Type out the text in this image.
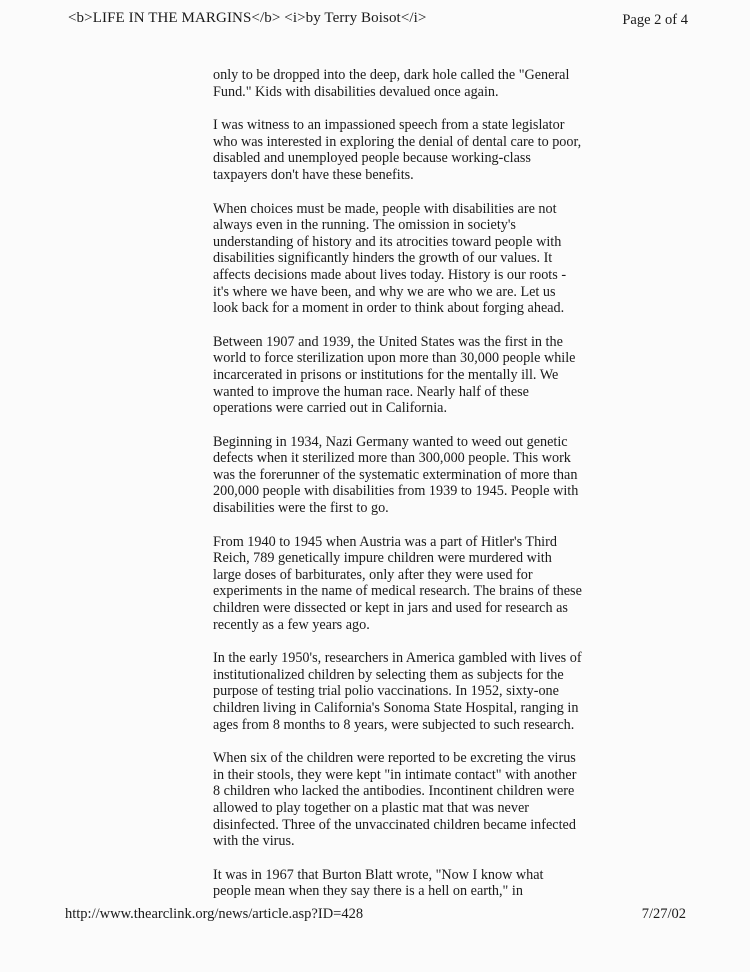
<b>LIFE IN THE MARGINS</b> <i>by Terry Boisot</i>	Page 2 of 4

only to be dropped into the deep, dark hole called the "General
Fund." Kids with disabilities devalued once again.

I was witness to an impassioned speech from a state legislator
who was interested in exploring the denial of dental care to poor,
disabled and unemployed people because working-class
taxpayers don't have these benefits.

When choices must be made, people with disabilities are not
always even in the running. The omission in society's
understanding of history and its atrocities toward people with
disabilities significantly hinders the growth of our values. It
affects decisions made about lives today. History is our roots -
it's where we have been, and why we are who we are. Let us
look back for a moment in order to think about forging ahead.

Between 1907 and 1939, the United States was the first in the
world to force sterilization upon more than 30,000 people while
incarcerated in prisons or institutions for the mentally ill. We
wanted to improve the human race. Nearly half of these
operations were carried out in California.

Beginning in 1934, Nazi Germany wanted to weed out genetic
defects when it sterilized more than 300,000 people. This work
was the forerunner of the systematic extermination of more than
200,000 people with disabilities from 1939 to 1945. People with
disabilities were the first to go.

From 1940 to 1945 when Austria was a part of Hitler's Third
Reich, 789 genetically impure children were murdered with
large doses of barbiturates, only after they were used for
experiments in the name of medical research. The brains of these
children were dissected or kept in jars and used for research as
recently as a few years ago.

In the early 1950's, researchers in America gambled with lives of
institutionalized children by selecting them as subjects for the
purpose of testing trial polio vaccinations. In 1952, sixty-one
children living in California's Sonoma State Hospital, ranging in
ages from 8 months to 8 years, were subjected to such research.

When six of the children were reported to be excreting the virus
in their stools, they were kept "in intimate contact" with another
8 children who lacked the antibodies. Incontinent children were
allowed to play together on a plastic mat that was never
disinfected. Three of the unvaccinated children became infected
with the virus.

It was in 1967 that Burton Blatt wrote, "Now I know what
people mean when they say there is a hell on earth," in

http://www.thearclink.org/news/article.asp?ID=428	7/27/02
